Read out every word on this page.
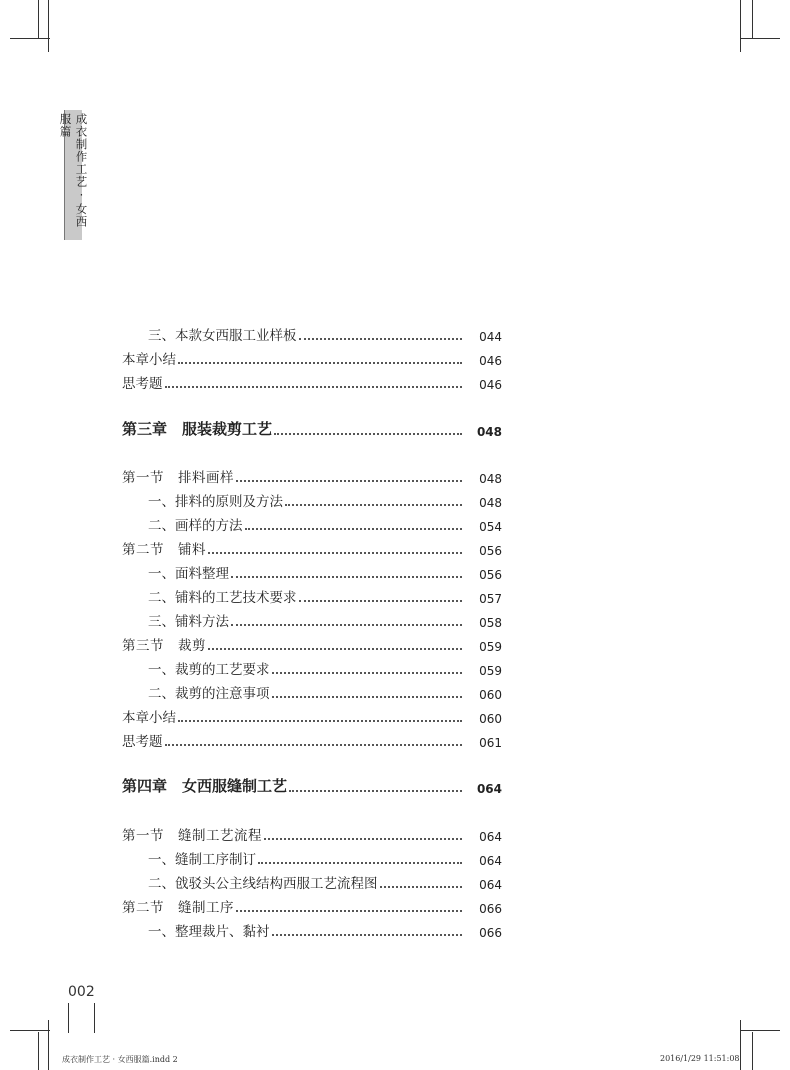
成衣制作工艺·女西服篇
三、本款女西服工业样板	044
本章小结	046
思考题	046
第三章　服装裁剪工艺	048
第一节　排料画样	048
一、排料的原则及方法	048
二、画样的方法	054
第二节　铺料	056
一、面料整理	056
二、铺料的工艺技术要求	057
三、铺料方法	058
第三节　裁剪	059
一、裁剪的工艺要求	059
二、裁剪的注意事项	060
本章小结	060
思考题	061
第四章　女西服缝制工艺	064
第一节　缝制工艺流程	064
一、缝制工序制订	064
二、戗驳头公主线结构西服工艺流程图	064
第二节　缝制工序	066
一、整理裁片、黏衬	066
002
成衣制作工艺 · 女西服篇.indd 2	2016/1/29 11:51:08
